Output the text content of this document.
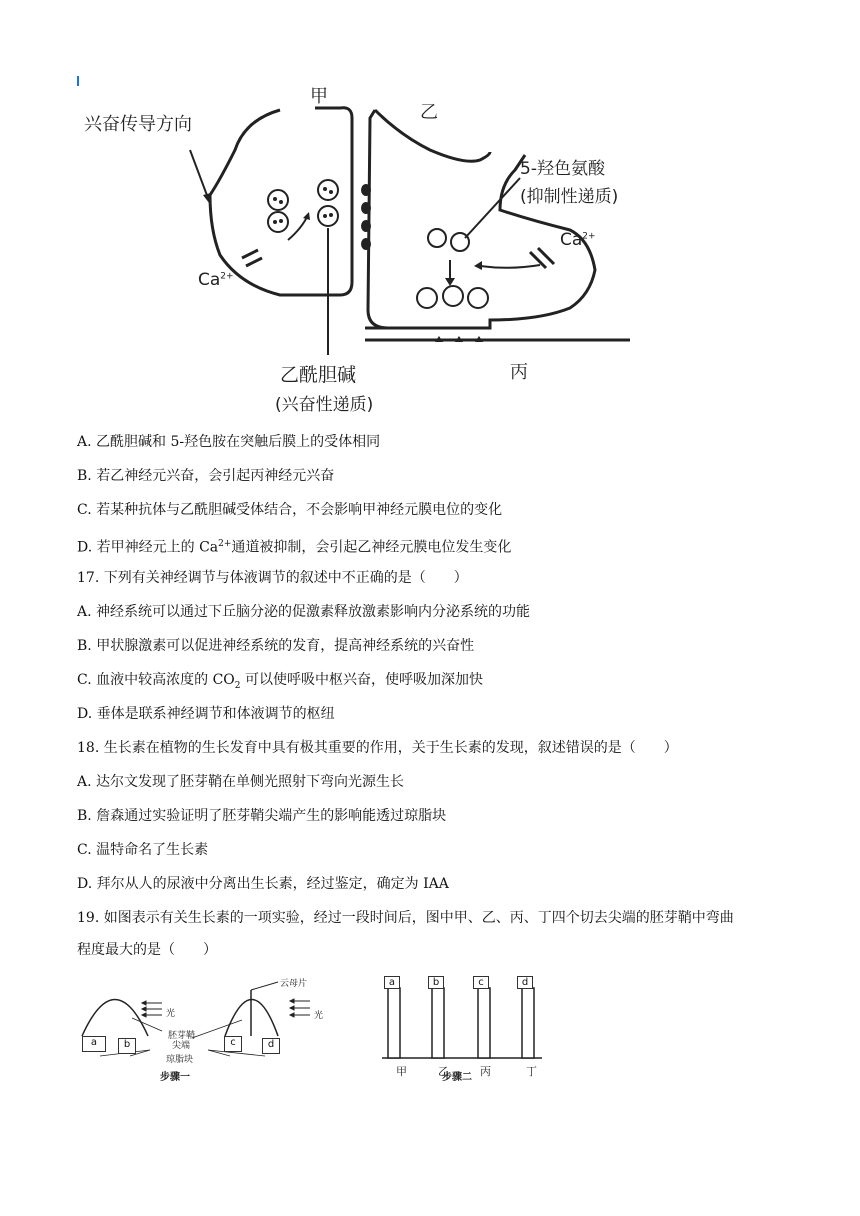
甲
乙
丙
兴奋传导方向
5-羟色氨酸
(抑制性递质)
$Ca^{2+}$
$Ca^{2+}$
乙酰胆碱
(兴奋性递质)
A. 乙酰胆碱和 5-羟色胺在突触后膜上的受体相同
B. 若乙神经元兴奋，会引起丙神经元兴奋
C. 若某种抗体与乙酰胆碱受体结合，不会影响甲神经元膜电位的变化
D. 若甲神经元上的 $Ca^{2+}$通道被抑制，会引起乙神经元膜电位发生变化
17. 下列有关神经调节与体液调节的叙述中不正确的是（　　）
A. 神经系统可以通过下丘脑分泌的促激素释放激素影响内分泌系统的功能
B. 甲状腺激素可以促进神经系统的发育，提高神经系统的兴奋性
C. 血液中较高浓度的 $CO_2$ 可以使呼吸中枢兴奋，使呼吸加深加快
D. 垂体是联系神经调节和体液调节的枢纽
18. 生长素在植物的生长发育中具有极其重要的作用，关于生长素的发现，叙述错误的是（　　）
A. 达尔文发现了胚芽鞘在单侧光照射下弯向光源生长
B. 詹森通过实验证明了胚芽鞘尖端产生的影响能透过琼脂块
C. 温特命名了生长素
D. 拜尔从人的尿液中分离出生长素，经过鉴定，确定为 IAA
19. 如图表示有关生长素的一项实验，经过一段时间后，图中甲、乙、丙、丁四个切去尖端的胚芽鞘中弯曲
程度最大的是（　　）
a	b	c	d
a	b	c	d
光	光
云母片
胚芽鞘
尖端
琼脂块
步骤一	步骤二
甲	乙	丙	丁
